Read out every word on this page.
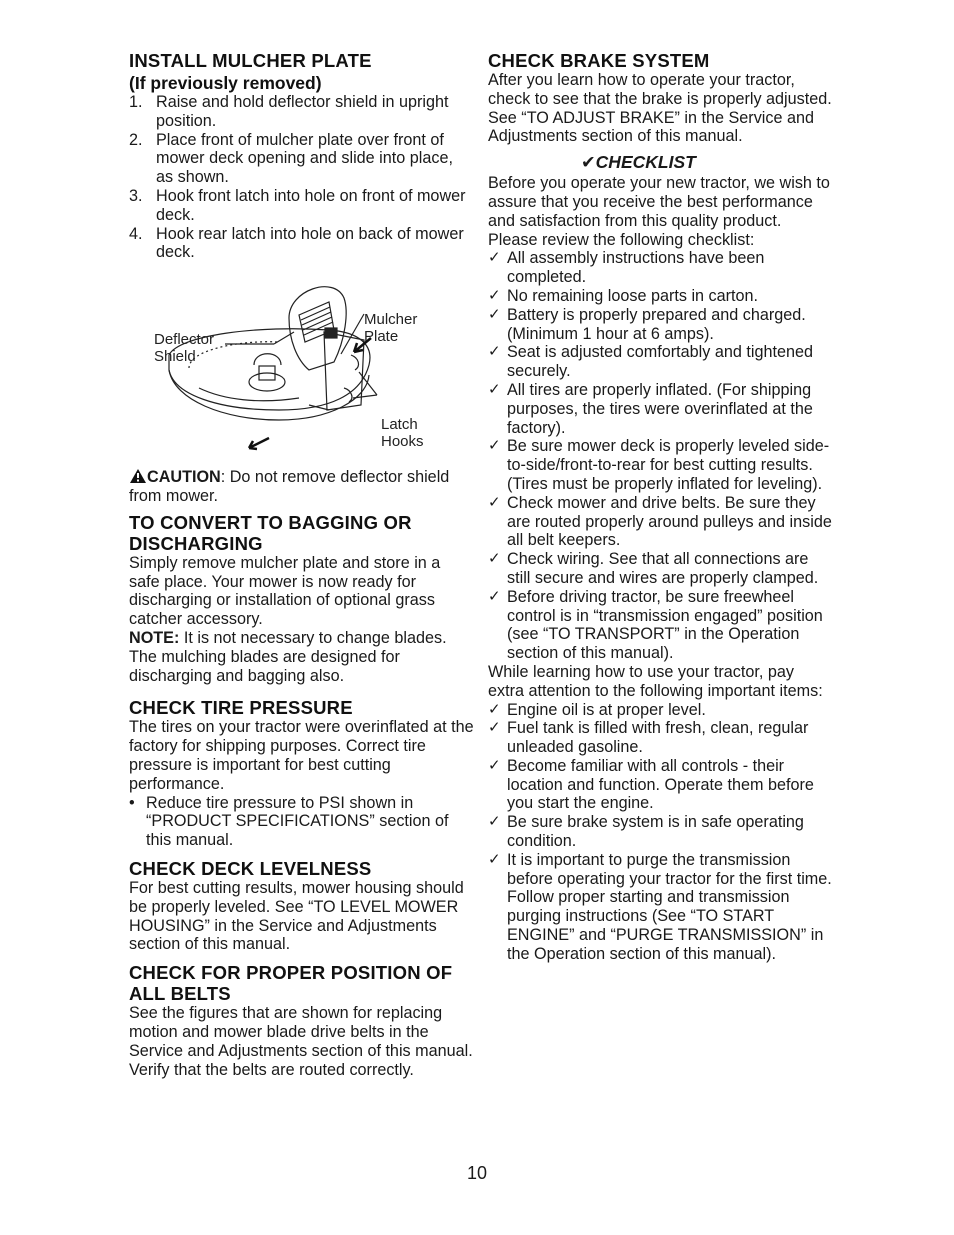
INSTALL MULCHER PLATE
(If previously removed)
1. Raise and hold deflector shield in upright position.
2. Place front of mulcher plate over front of mower deck opening and slide into place, as shown.
3. Hook front latch into hole on front of mower deck.
4. Hook rear latch into hole on back of mower deck.
Deflector
Shield
Mulcher
Plate
Latch
Hooks

CAUTION: Do not remove deflector shield from mower.

TO CONVERT TO BAGGING OR DISCHARGING

Simply remove mulcher plate and store in a safe place. Your mower is now ready for discharging or installation of optional grass catcher accessory.

NOTE: It is not necessary to change blades. The mulching blades are designed for discharging and bagging also.

CHECK TIRE PRESSURE

The tires on your tractor were overinflated at the factory for shipping purposes. Correct tire pressure is important for best cutting performance.

• Reduce tire pressure to PSI shown in “PRODUCT SPECIFICATIONS” section of this manual.
CHECK DECK LEVELNESS

For best cutting results, mower housing should be properly leveled. See “TO LEVEL MOWER HOUSING” in the Service and Adjustments section of this manual.

CHECK FOR PROPER POSITION OF ALL BELTS

See the figures that are shown for replacing motion and mower blade drive belts in the Service and Adjustments section of this manual. Verify that the belts are routed correctly.

CHECK BRAKE SYSTEM

After you learn how to operate your tractor, check to see that the brake is properly adjusted. See “TO ADJUST BRAKE” in the Service and Adjustments section of this manual.

✔CHECKLIST

Before you operate your new tractor, we wish to assure that you receive the best performance and satisfaction from this quality product.

Please review the following checklist:

✓ All assembly instructions have been completed.
✓ No remaining loose parts in carton.
✓ Battery is properly prepared and charged. (Minimum 1 hour at 6 amps).
✓ Seat is adjusted comfortably and tightened securely.
✓ All tires are properly inflated. (For shipping purposes, the tires were overinflated at the factory).
✓ Be sure mower deck is properly leveled side-to-side/front-to-rear for best cutting results. (Tires must be properly inflated for leveling).
✓ Check mower and drive belts. Be sure they are routed properly around pulleys and inside all belt keepers.
✓ Check wiring. See that all connections are still secure and wires are properly clamped.
✓ Before driving tractor, be sure freewheel control is in “transmission engaged” position (see “TO TRANSPORT” in the Operation section of this manual).

While learning how to use your tractor, pay extra attention to the following important items:

✓ Engine oil is at proper level.
✓ Fuel tank is filled with fresh, clean, regular unleaded gasoline.
✓ Become familiar with all controls - their location and function. Operate them before you start the engine.
✓ Be sure brake system is in safe operating condition.
✓ It is important to purge the transmission before operating your tractor for the first time. Follow proper starting and transmission purging instructions (See “TO START ENGINE” and “PURGE TRANSMISSION” in the Operation section of this manual).
10
